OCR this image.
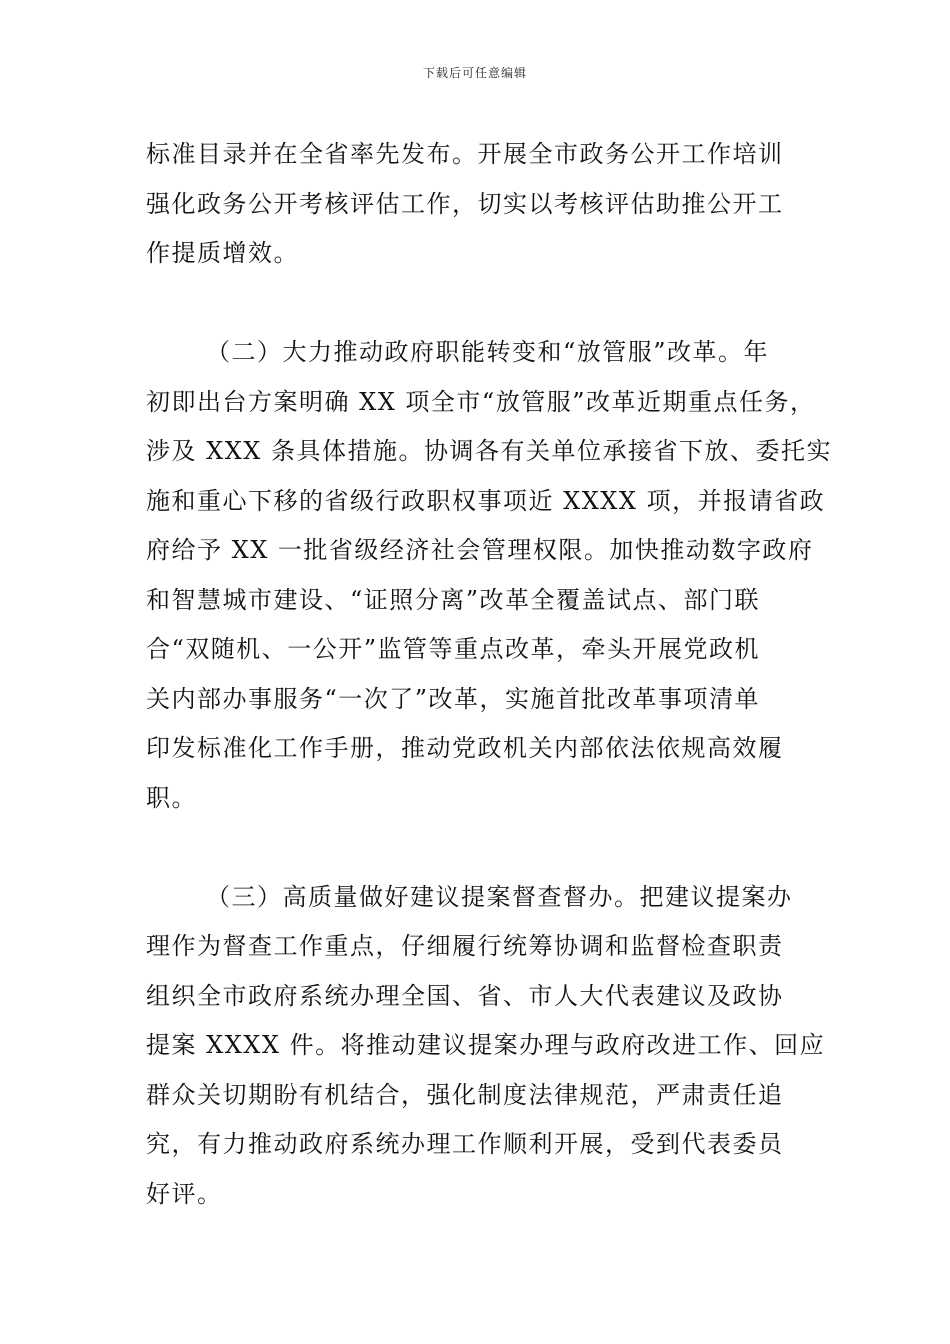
下载后可任意编辑

标准目录并在全省率先发布。开展全市政务公开工作培训
强化政务公开考核评估工作，切实以考核评估助推公开工
作提质增效。

（二）大力推动政府职能转变和“放管服”改革。年
初即出台方案明确 XX 项全市“放管服”改革近期重点任务，
涉及 XXX 条具体措施。协调各有关单位承接省下放、委托实
施和重心下移的省级行政职权事项近 XXXX 项，并报请省政
府给予 XX 一批省级经济社会管理权限。加快推动数字政府
和智慧城市建设、“证照分离”改革全覆盖试点、部门联
合“双随机、一公开”监管等重点改革，牵头开展党政机
关内部办事服务“一次了”改革，实施首批改革事项清单
印发标准化工作手册，推动党政机关内部依法依规高效履
职。

（三）高质量做好建议提案督查督办。把建议提案办
理作为督查工作重点，仔细履行统筹协调和监督检查职责
组织全市政府系统办理全国、省、市人大代表建议及政协
提案 XXXX 件。将推动建议提案办理与政府改进工作、回应
群众关切期盼有机结合，强化制度法律规范，严肃责任追
究，有力推动政府系统办理工作顺利开展，受到代表委员
好评。
